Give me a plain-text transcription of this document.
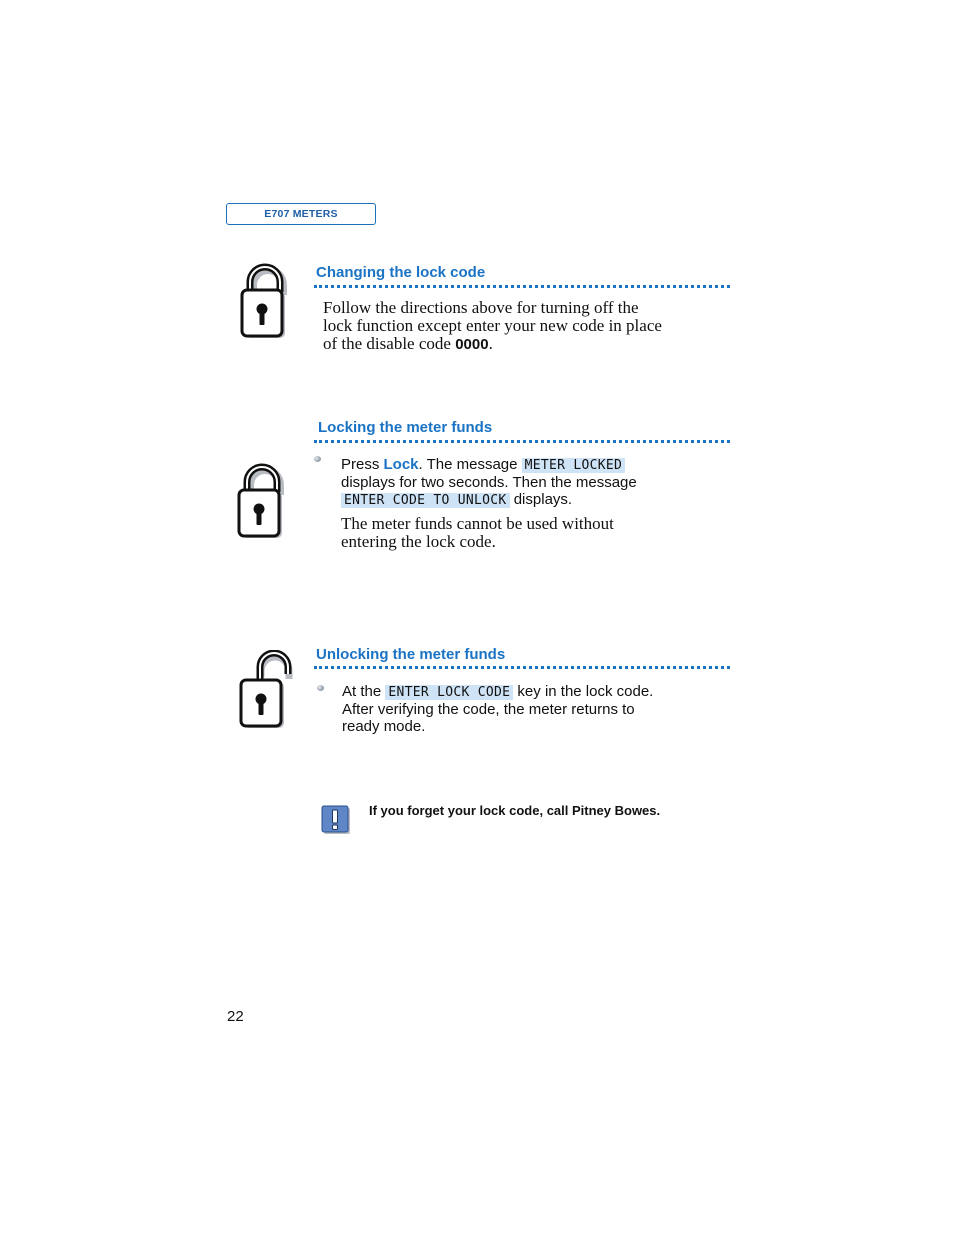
E707 METERS
Changing the lock code

Follow the directions above for turning off the lock function except enter your new code in place of the disable code 0000.

Locking the meter funds

Press Lock. The message METER LOCKED displays for two seconds. Then the message ENTER CODE TO UNLOCK displays.

The meter funds cannot be used without entering the lock code.

Unlocking the meter funds

At the ENTER LOCK CODE key in the lock code. After verifying the code, the meter returns to ready mode.

If you forget your lock code, call Pitney Bowes.
22
